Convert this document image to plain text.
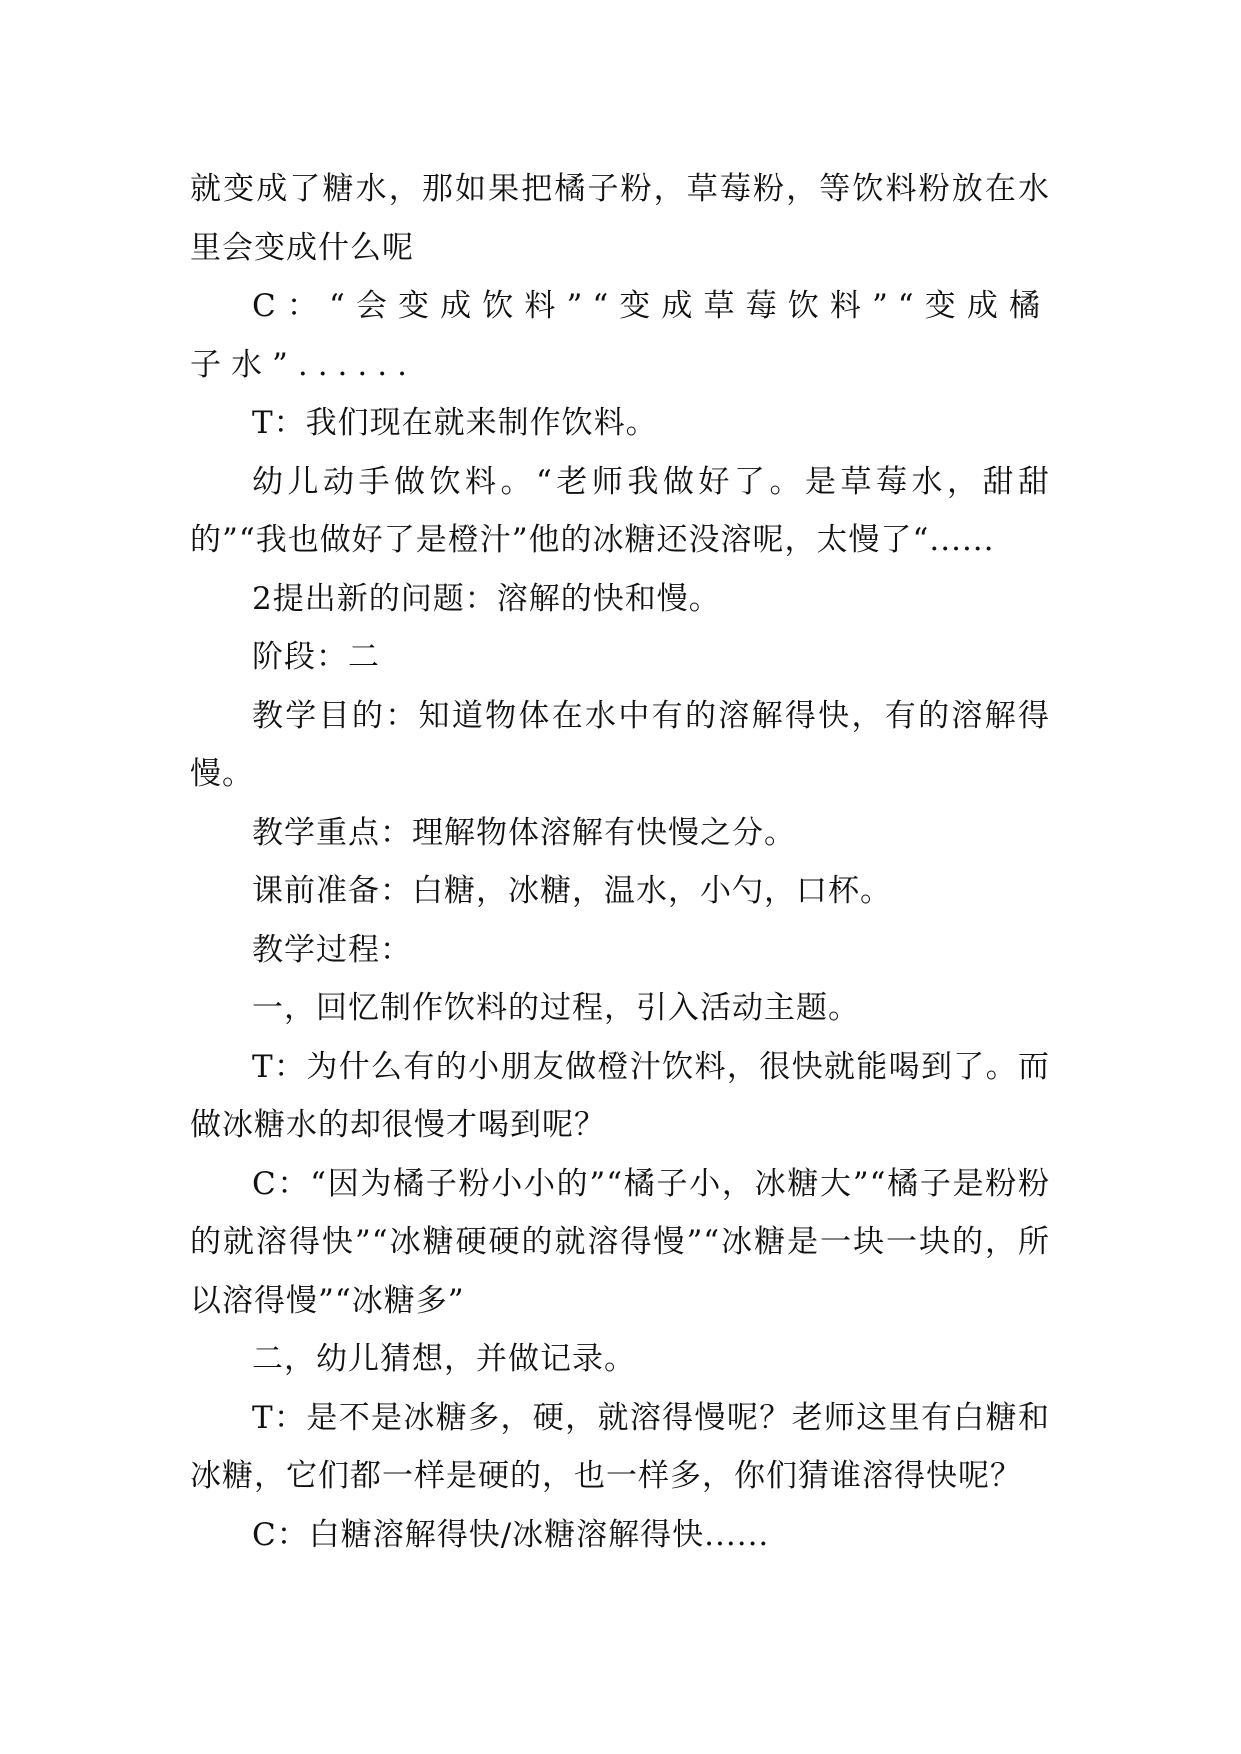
就变成了糖水，那如果把橘子粉，草莓粉，等饮料粉放在水里会变成什么呢

C：“会变成饮料”“变成草莓饮料”“变成橘子水”......

T：我们现在就来制作饮料。

幼儿动手做饮料。“老师我做好了。是草莓水，甜甜的”“我也做好了是橙汁”他的冰糖还没溶呢，太慢了“......

2提出新的问题：溶解的快和慢。

阶段：二

教学目的：知道物体在水中有的溶解得快，有的溶解得慢。

教学重点：理解物体溶解有快慢之分。

课前准备：白糖，冰糖，温水，小勺，口杯。

教学过程：

一，回忆制作饮料的过程，引入活动主题。

T：为什么有的小朋友做橙汁饮料，很快就能喝到了。而做冰糖水的却很慢才喝到呢？

C：“因为橘子粉小小的”“橘子小，冰糖大”“橘子是粉粉的就溶得快”“冰糖硬硬的就溶得慢”“冰糖是一块一块的，所以溶得慢”“冰糖多”

二，幼儿猜想，并做记录。

T：是不是冰糖多，硬，就溶得慢呢？老师这里有白糖和冰糖，它们都一样是硬的，也一样多，你们猜谁溶得快呢？

C：白糖溶解得快/冰糖溶解得快......
